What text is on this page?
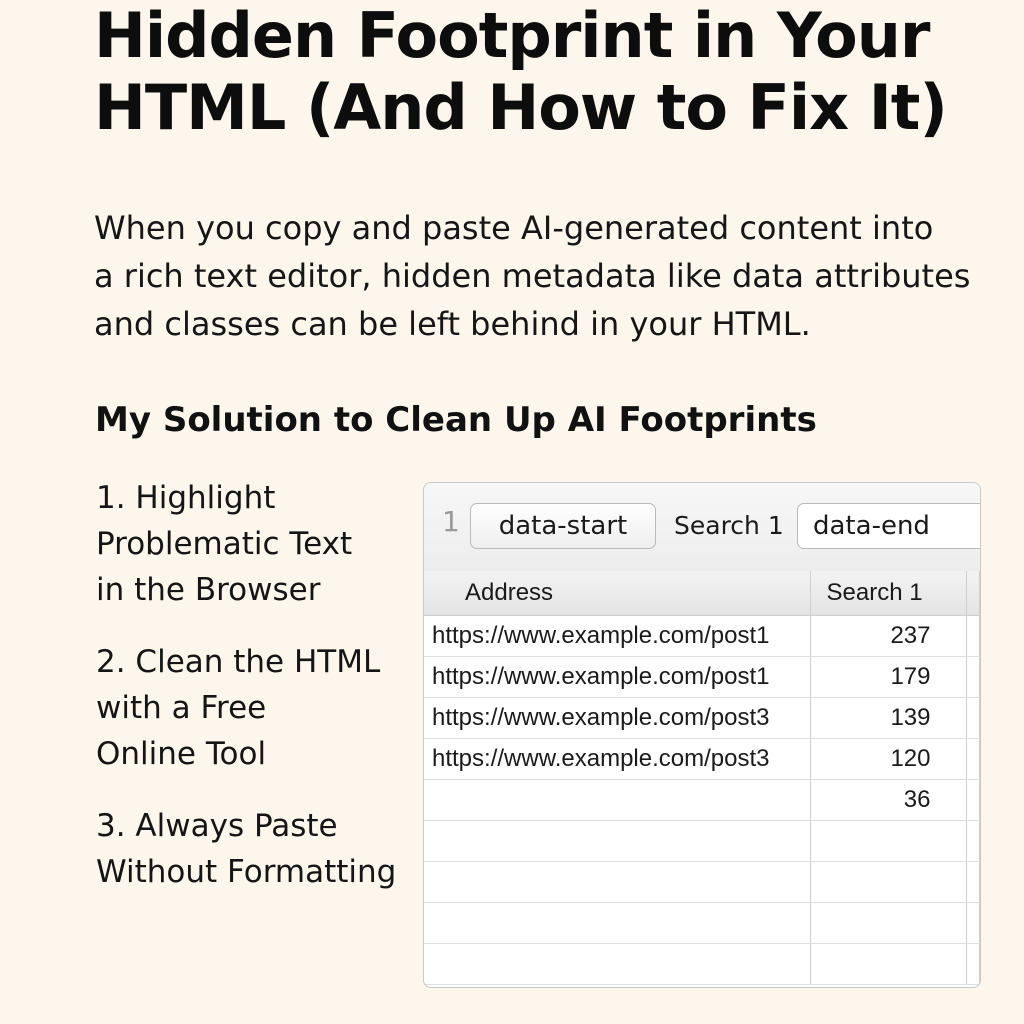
Hidden Footprint in Your
HTML (And How to Fix It)

When you copy and paste AI-generated content into
a rich text editor, hidden metadata like data attributes
and classes can be left behind in your HTML.

My Solution to Clean Up AI Footprints
1. Highlight
Problematic Text
in the Browser
2. Clean the HTML
with a Free
Online Tool
3. Always Paste
Without Formatting
1	data-start	Search 1	data-end
Address	Search 1	
https://www.example.com/post1	237	
https://www.example.com/post1	179	
https://www.example.com/post3	139	
https://www.example.com/post3	120	
	36	
